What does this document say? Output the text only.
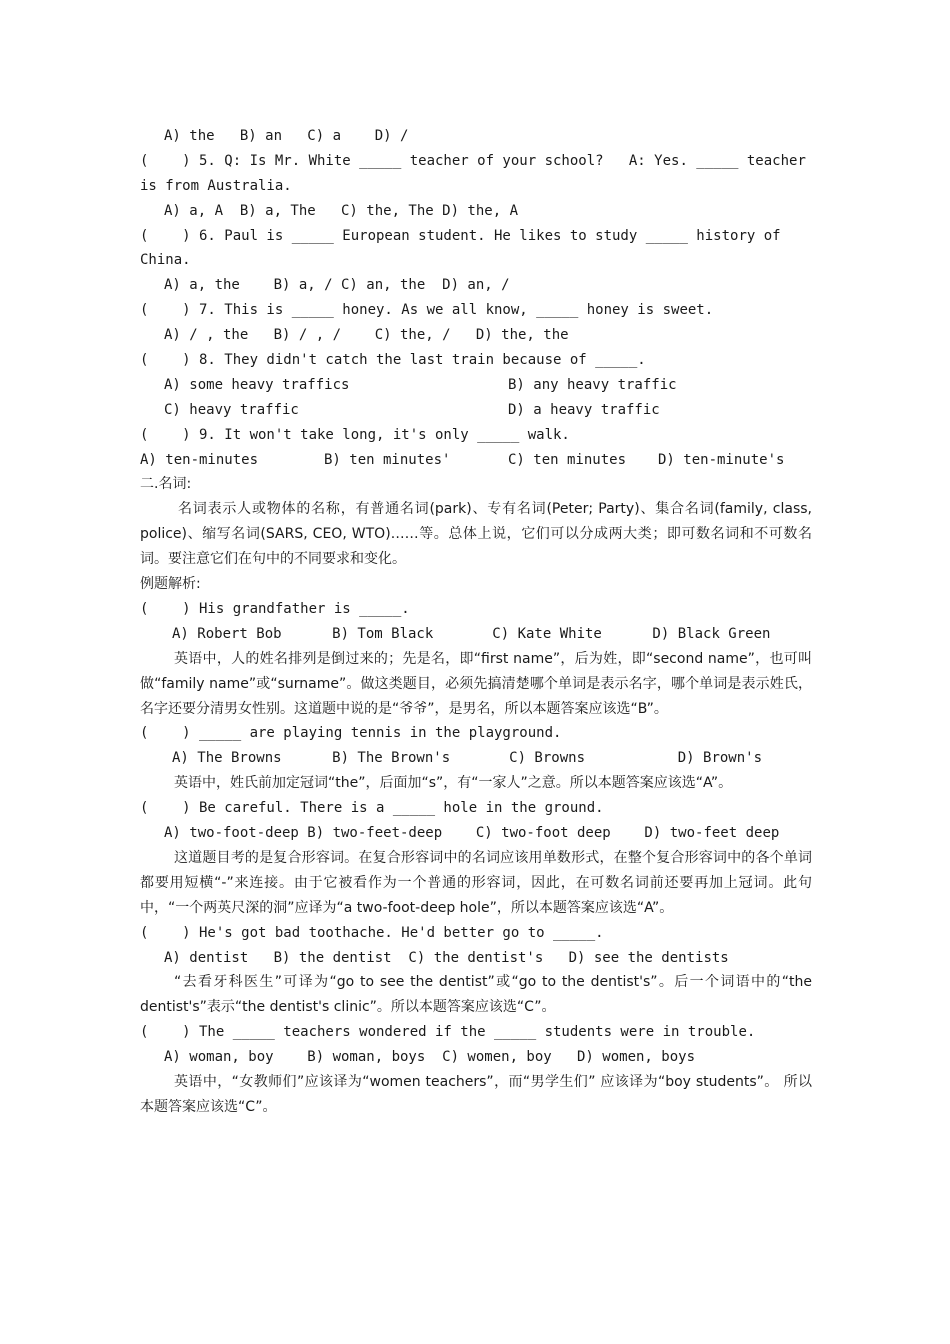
A) the   B) an   C) a    D) /
(    ) 5. Q: Is Mr. White _____ teacher of your school?   A: Yes. _____ teacher
is from Australia.
A) a, A  B) a, The   C) the, The D) the, A
(    ) 6. Paul is _____ European student. He likes to study _____ history of
China.
A) a, the    B) a, / C) an, the  D) an, /
(    ) 7. This is _____ honey. As we all know, _____ honey is sweet.
A) / , the   B) / , /    C) the, /   D) the, the
(    ) 8. They didn't catch the last train because of _____.
A) some heavy traffics	B) any heavy traffic
C) heavy traffic	D) a heavy traffic
(    ) 9. It won't take long, it's only _____ walk.
A) ten-minutes	B) ten minutes'	C) ten minutes	D) ten-minute's
二.名词:
名词表示人或物体的名称，有普通名词(park)、专有名词(Peter; Party)、集合名词(family, class, police)、缩写名词(SARS, CEO, WTO)……等。总体上说，它们可以分成两大类；即可数名词和不可数名词。要注意它们在句中的不同要求和变化。
例题解析:
(    ) His grandfather is _____.
A) Robert Bob      B) Tom Black       C) Kate White      D) Black Green
英语中，人的姓名排列是倒过来的；先是名，即“first name”，后为姓，即“second name”，也可叫做“family name”或“surname”。做这类题目，必须先搞清楚哪个单词是表示名字，哪个单词是表示姓氏，名字还要分清男女性别。这道题中说的是“爷爷”，是男名，所以本题答案应该选“B”。
(    ) _____ are playing tennis in the playground.
A) The Browns      B) The Brown's       C) Browns           D) Brown's
英语中，姓氏前加定冠词“the”，后面加“s”，有“一家人”之意。所以本题答案应该选“A”。
(    ) Be careful. There is a _____ hole in the ground.
A) two-foot-deep B) two-feet-deep    C) two-foot deep    D) two-feet deep
这道题目考的是复合形容词。在复合形容词中的名词应该用单数形式，在整个复合形容词中的各个单词都要用短横“-”来连接。由于它被看作为一个普通的形容词，因此，在可数名词前还要再加上冠词。此句中，“一个两英尺深的洞”应译为“a two-foot-deep hole”，所以本题答案应该选“A”。
(    ) He's got bad toothache. He'd better go to _____.
A) dentist   B) the dentist  C) the dentist's   D) see the dentists
“去看牙科医生”可译为“go to see the dentist”或“go to the dentist's”。后一个词语中的“the dentist's”表示“the dentist's clinic”。所以本题答案应该选“C”。
(    ) The _____ teachers wondered if the _____ students were in trouble.
A) woman, boy    B) woman, boys  C) women, boy   D) women, boys
英语中，“女教师们”应该译为“women teachers”，而“男学生们” 应该译为“boy students”。 所以本题答案应该选“C”。
